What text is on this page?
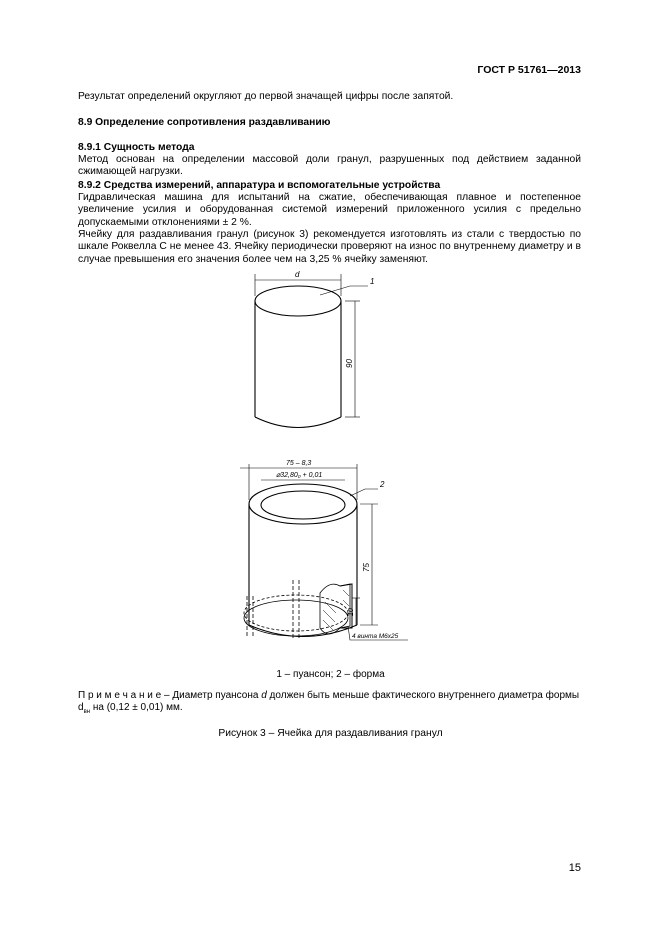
ГОСТ Р 51761—2013

Результат определений округляют до первой значащей цифры после запятой.

8.9 Определение сопротивления раздавливанию

8.9.1 Сущность метода

Метод основан на определении массовой доли гранул, разрушенных под действием заданной сжимающей нагрузки.

8.9.2 Средства измерений, аппаратура и вспомогательные устройства

Гидравлическая машина для испытаний на сжатие, обеспечивающая плавное и постепенное увеличение усилия и оборудованная системой измерений приложенного усилия с предельно допускаемыми отклонениями ± 2 %.

Ячейку для раздавливания гранул (рисунок 3) рекомендуется изготовлять из стали с твердостью по шкале Роквелла С не менее 43. Ячейку периодически проверяют на износ по внутреннему диаметру и в случае превышения его значения более чем на 3,25 % ячейку заменяют.

d
1
90
75 – 8,3
⌀32,80₀ + 0,01
2
75
10
4 винта М6х25
1 – пуансон; 2 – форма

П р и м е ч а н и е – Диаметр пуансона d должен быть меньше фактического внутреннего диаметра формы $d_{вн}$ на (0,12 ± 0,01) мм.

Рисунок 3 – Ячейка для раздавливания гранул
15
